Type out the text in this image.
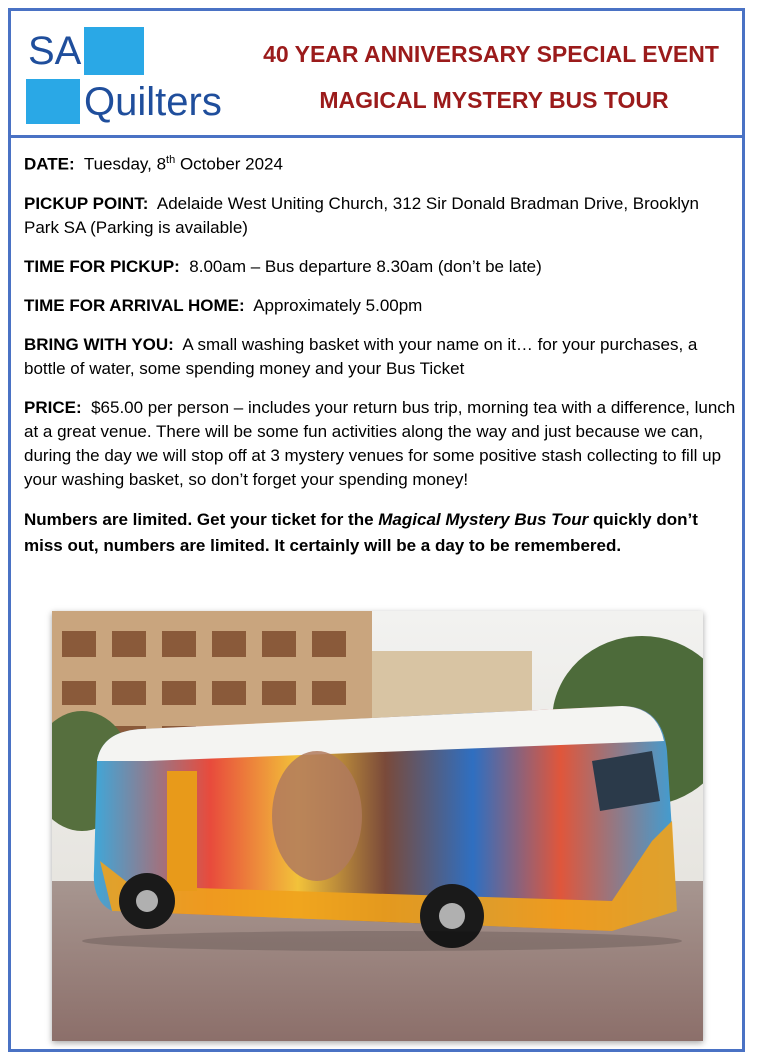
SA
Quilters
40 YEAR ANNIVERSARY SPECIAL EVENT
MAGICAL MYSTERY BUS TOUR

DATE: Tuesday, 8th October 2024

PICKUP POINT: Adelaide West Uniting Church, 312 Sir Donald Bradman Drive, Brooklyn Park SA (Parking is available)

TIME FOR PICKUP: 8.00am – Bus departure 8.30am (don’t be late)

TIME FOR ARRIVAL HOME: Approximately 5.00pm

BRING WITH YOU: A small washing basket with your name on it… for your purchases, a bottle of water, some spending money and your Bus Ticket

PRICE: $65.00 per person – includes your return bus trip, morning tea with a difference, lunch at a great venue. There will be some fun activities along the way and just because we can, during the day we will stop off at 3 mystery venues for some positive stash collecting to fill up your washing basket, so don’t forget your spending money!

Numbers are limited. Get your ticket for the Magical Mystery Bus Tour quickly don’t miss out, numbers are limited. It certainly will be a day to be remembered.
